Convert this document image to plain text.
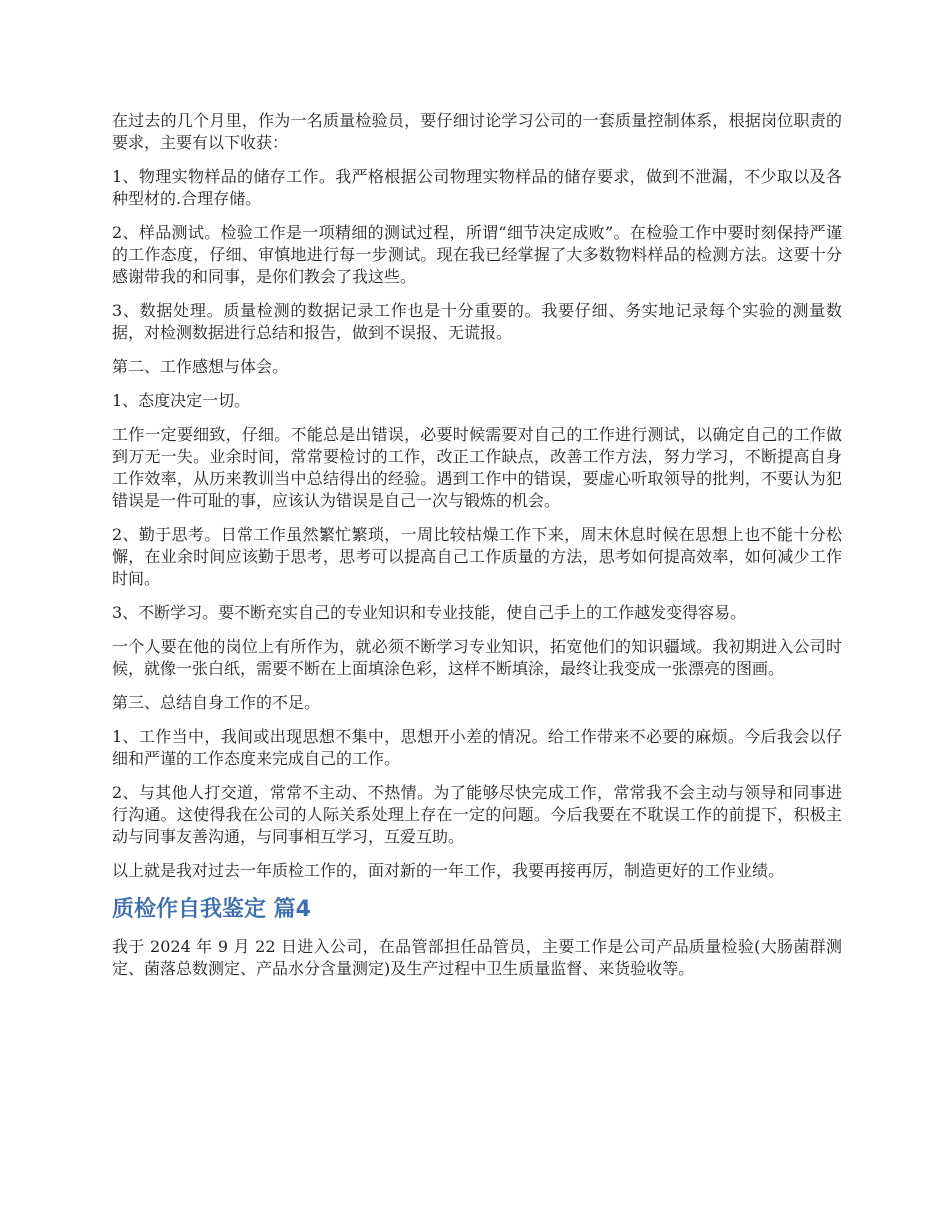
在过去的几个月里，作为一名质量检验员，要仔细讨论学习公司的一套质量控制体系，根据岗位职责的要求，主要有以下收获：

1、物理实物样品的储存工作。我严格根据公司物理实物样品的储存要求，做到不泄漏，不少取以及各种型材的.合理存储。

2、样品测试。检验工作是一项精细的测试过程，所谓“细节决定成败”。在检验工作中要时刻保持严谨的工作态度，仔细、审慎地进行每一步测试。现在我已经掌握了大多数物料样品的检测方法。这要十分感谢带我的和同事，是你们教会了我这些。

3、数据处理。质量检测的数据记录工作也是十分重要的。我要仔细、务实地记录每个实验的测量数据，对检测数据进行总结和报告，做到不误报、无谎报。

第二、工作感想与体会。

1、态度决定一切。

工作一定要细致，仔细。不能总是出错误，必要时候需要对自己的工作进行测试，以确定自己的工作做到万无一失。业余时间，常常要检讨的工作，改正工作缺点，改善工作方法，努力学习，不断提高自身工作效率，从历来教训当中总结得出的经验。遇到工作中的错误，要虚心听取领导的批判，不要认为犯错误是一件可耻的事，应该认为错误是自己一次与锻炼的机会。

2、勤于思考。日常工作虽然繁忙繁琐，一周比较枯燥工作下来，周末休息时候在思想上也不能十分松懈，在业余时间应该勤于思考，思考可以提高自己工作质量的方法，思考如何提高效率，如何减少工作时间。

3、不断学习。要不断充实自己的专业知识和专业技能，使自己手上的工作越发变得容易。

一个人要在他的岗位上有所作为，就必须不断学习专业知识，拓宽他们的知识疆域。我初期进入公司时候，就像一张白纸，需要不断在上面填涂色彩，这样不断填涂，最终让我变成一张漂亮的图画。

第三、总结自身工作的不足。

1、工作当中，我间或出现思想不集中，思想开小差的情况。给工作带来不必要的麻烦。今后我会以仔细和严谨的工作态度来完成自己的工作。

2、与其他人打交道，常常不主动、不热情。为了能够尽快完成工作，常常我不会主动与领导和同事进行沟通。这使得我在公司的人际关系处理上存在一定的问题。今后我要在不耽误工作的前提下，积极主动与同事友善沟通，与同事相互学习，互爱互助。

以上就是我对过去一年质检工作的，面对新的一年工作，我要再接再厉，制造更好的工作业绩。

质检作自我鉴定 篇4

我于 2024 年 9 月 22 日进入公司，在品管部担任品管员，主要工作是公司产品质量检验(大肠菌群测定、菌落总数测定、产品水分含量测定)及生产过程中卫生质量监督、来货验收等。
